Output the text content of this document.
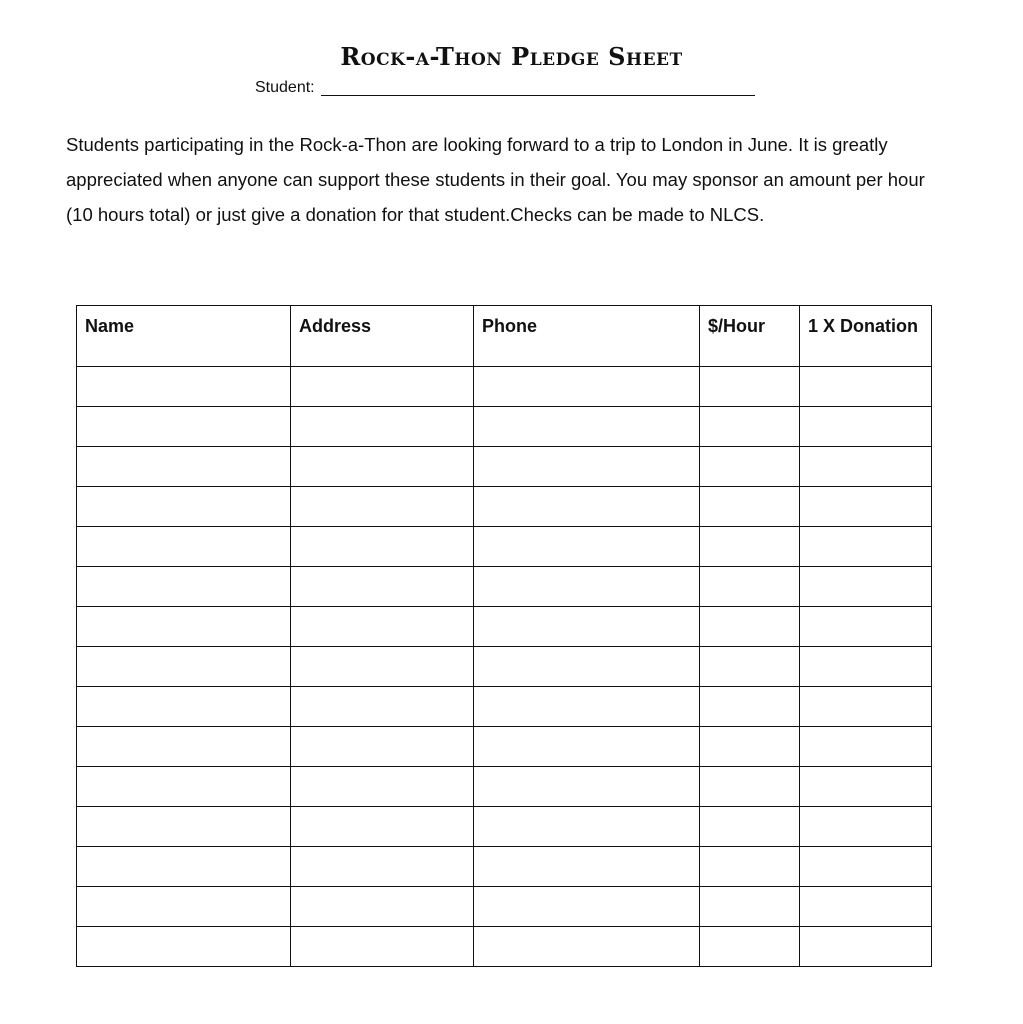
Rock-a-Thon Pledge Sheet
Student:

Students participating in the Rock-a-Thon are looking forward to a trip to London in June. It is greatly appreciated when anyone can support these students in their goal. You may sponsor an amount per hour (10 hours total) or just give a donation for that student.Checks can be made to NLCS.

Name	Address	Phone	$/Hour	1 X Donation
